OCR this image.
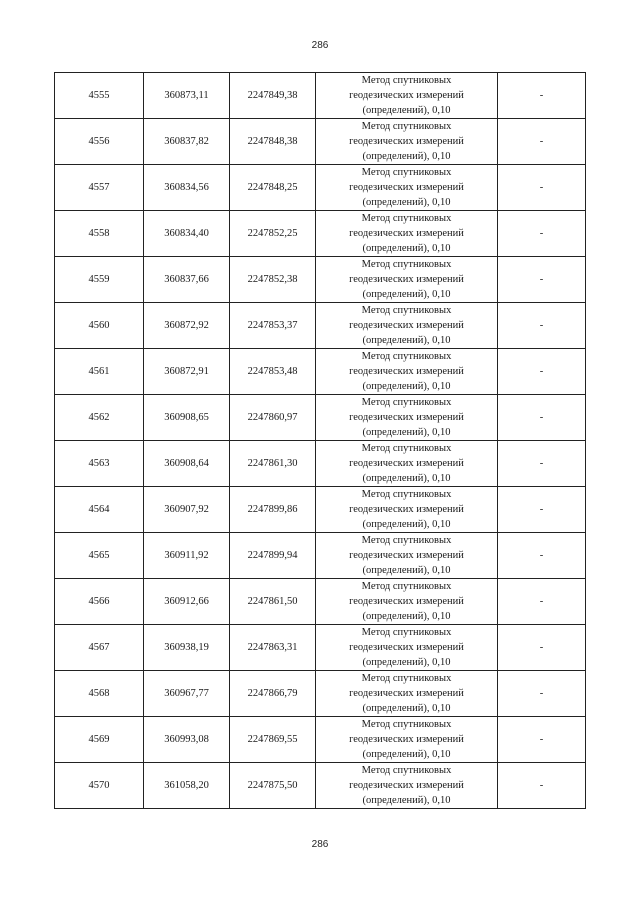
286
4555	360873,11	2247849,38	Метод спутниковых
геодезических измерений
(определений), 0,10	-
4556	360837,82	2247848,38	Метод спутниковых
геодезических измерений
(определений), 0,10	-
4557	360834,56	2247848,25	Метод спутниковых
геодезических измерений
(определений), 0,10	-
4558	360834,40	2247852,25	Метод спутниковых
геодезических измерений
(определений), 0,10	-
4559	360837,66	2247852,38	Метод спутниковых
геодезических измерений
(определений), 0,10	-
4560	360872,92	2247853,37	Метод спутниковых
геодезических измерений
(определений), 0,10	-
4561	360872,91	2247853,48	Метод спутниковых
геодезических измерений
(определений), 0,10	-
4562	360908,65	2247860,97	Метод спутниковых
геодезических измерений
(определений), 0,10	-
4563	360908,64	2247861,30	Метод спутниковых
геодезических измерений
(определений), 0,10	-
4564	360907,92	2247899,86	Метод спутниковых
геодезических измерений
(определений), 0,10	-
4565	360911,92	2247899,94	Метод спутниковых
геодезических измерений
(определений), 0,10	-
4566	360912,66	2247861,50	Метод спутниковых
геодезических измерений
(определений), 0,10	-
4567	360938,19	2247863,31	Метод спутниковых
геодезических измерений
(определений), 0,10	-
4568	360967,77	2247866,79	Метод спутниковых
геодезических измерений
(определений), 0,10	-
4569	360993,08	2247869,55	Метод спутниковых
геодезических измерений
(определений), 0,10	-
4570	361058,20	2247875,50	Метод спутниковых
геодезических измерений
(определений), 0,10	-
286
